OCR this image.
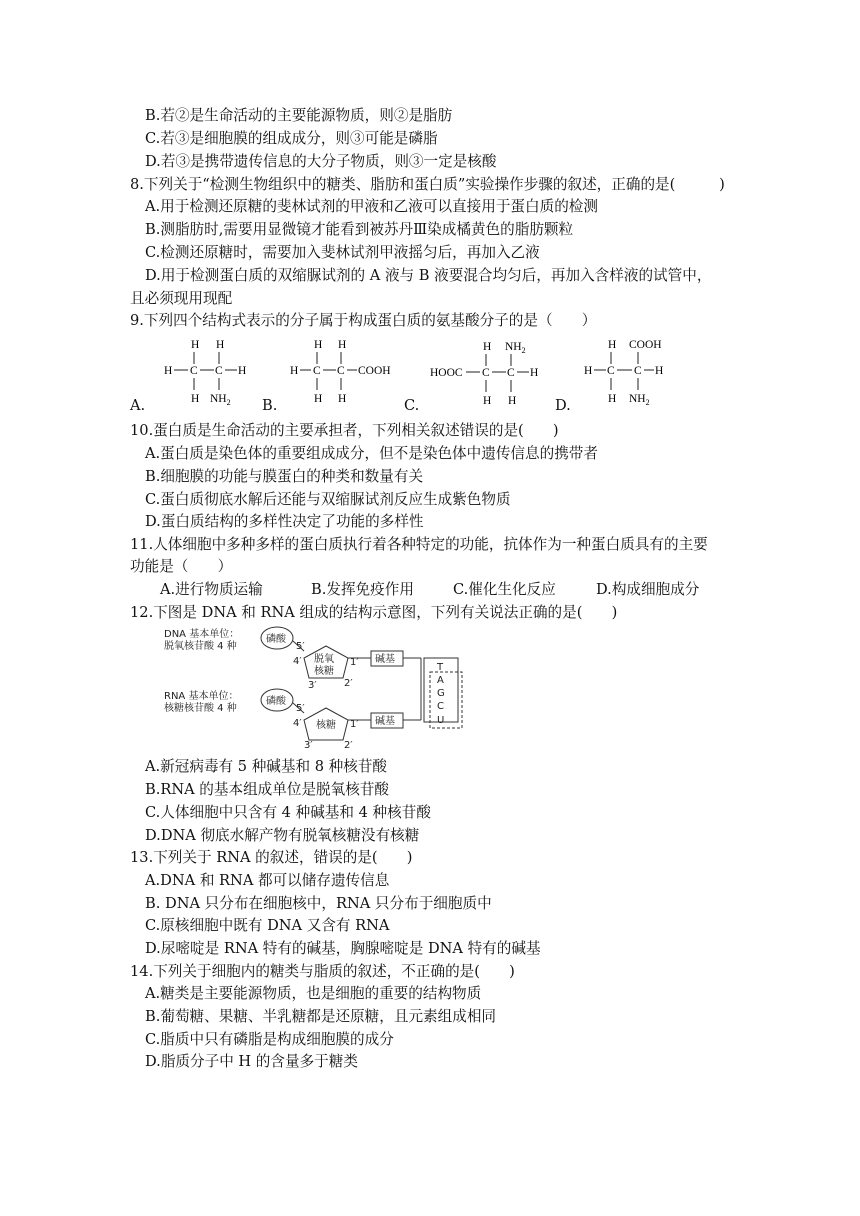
B.若②是生命活动的主要能源物质，则②是脂肪
C.若③是细胞膜的组成成分，则③可能是磷脂
D.若③是携带遗传信息的大分子物质，则③一定是核酸
8.下列关于“检测生物组织中的糖类、脂肪和蛋白质”实验操作步骤的叙述，正确的是(　　　)
A.用于检测还原糖的斐林试剂的甲液和乙液可以直接用于蛋白质的检测
B.测脂肪时,需要用显微镜才能看到被苏丹Ⅲ染成橘黄色的脂肪颗粒
C.检测还原糖时，需要加入斐林试剂甲液摇匀后，再加入乙液
D.用于检测蛋白质的双缩脲试剂的 A 液与 B 液要混合均匀后，再加入含样液的试管中，
且必须现用现配
9.下列四个结构式表示的分子属于构成蛋白质的氨基酸分子的是（　　）
H H
H C C H
H $NH_2$
H H
H C C COOH
H H
H $NH_2$
HOOC C C H
H H
H COOH
H C C H
H $NH_2$
A.	B.	C.	D.
10.蛋白质是生命活动的主要承担者，下列相关叙述错误的是(　　)
A.蛋白质是染色体的重要组成成分，但不是染色体中遗传信息的携带者
B.细胞膜的功能与膜蛋白的种类和数量有关
C.蛋白质彻底水解后还能与双缩脲试剂反应生成紫色物质
D.蛋白质结构的多样性决定了功能的多样性
11.人体细胞中多种多样的蛋白质执行着各种特定的功能，抗体作为一种蛋白质具有的主要
功能是（　　）
A.进行物质运输	B.发挥免疫作用	C.催化生化反应	D.构成细胞成分
12.下图是 DNA 和 RNA 组成的结构示意图，下列有关说法正确的是(　　)
DNA 基本单位：
脱氧核苷酸 4 种
磷酸
5′
4′ 脱氧
核糖
3′	2′
1′ 碱基
RNA 基本单位：
核糖核苷酸 4 种
磷酸
5′
4′ 核糖
3′	2′
1′ 碱基
T
A
G
C
U
A.新冠病毒有 5 种碱基和 8 种核苷酸
B.RNA 的基本组成单位是脱氧核苷酸
C.人体细胞中只含有 4 种碱基和 4 种核苷酸
D.DNA 彻底水解产物有脱氧核糖没有核糖
13.下列关于 RNA 的叙述，错误的是(　　)
A.DNA 和 RNA 都可以储存遗传信息
B. DNA 只分布在细胞核中，RNA 只分布于细胞质中
C.原核细胞中既有 DNA 又含有 RNA
D.尿嘧啶是 RNA 特有的碱基，胸腺嘧啶是 DNA 特有的碱基
14.下列关于细胞内的糖类与脂质的叙述，不正确的是(　　)
A.糖类是主要能源物质，也是细胞的重要的结构物质
B.葡萄糖、果糖、半乳糖都是还原糖，且元素组成相同
C.脂质中只有磷脂是构成细胞膜的成分
D.脂质分子中 H 的含量多于糖类
